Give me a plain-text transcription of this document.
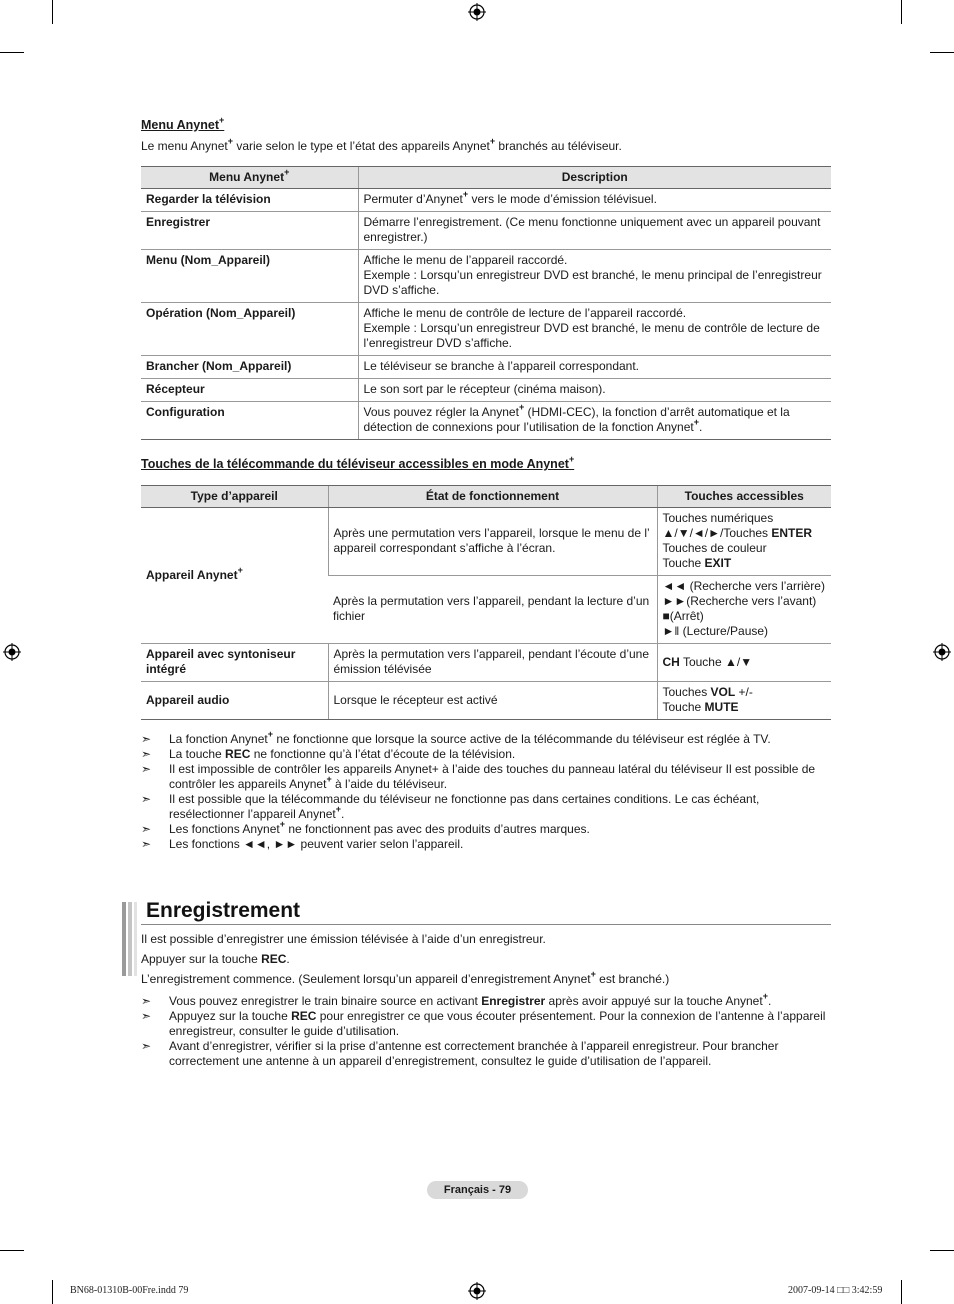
Menu Anynet+
Le menu Anynet+ varie selon le type et l’état des appareils Anynet+ branchés au téléviseur.
Menu Anynet+	Description
Regarder la télévision	Permuter d’Anynet+ vers le mode d’émission télévisuel.
Enregistrer	Démarre l’enregistrement. (Ce menu fonctionne uniquement avec un appareil pouvant enregistrer.)
Menu (Nom_Appareil)	Affiche le menu de l’appareil raccordé.
Exemple : Lorsqu’un enregistreur DVD est branché, le menu principal de l’enregistreur DVD s’affiche.

Opération (Nom_Appareil)	Affiche le menu de contrôle de lecture de l’appareil raccordé.
Exemple : Lorsqu’un enregistreur DVD est branché, le menu de contrôle de lecture de l’enregistreur DVD s’affiche.

Brancher (Nom_Appareil)	Le téléviseur se branche à l’appareil correspondant.
Récepteur	Le son sort par le récepteur (cinéma maison).
Configuration	Vous pouvez régler la Anynet+ (HDMI-CEC), la fonction d’arrêt automatique et la détection de connexions pour l’utilisation de la fonction Anynet+.
Touches de la télécommande du téléviseur accessibles en mode Anynet+
Type d’appareil	État de fonctionnement	Touches accessibles
Appareil Anynet+	Après une permutation vers l’appareil, lorsque le menu de l’ appareil correspondant s’affiche à l’écran.	Touches numériques
▲/▼/◄/►/Touches ENTER
Touches de couleur
Touche EXIT

	Après la permutation vers l’appareil, pendant la lecture d’un fichier	◄◄ (Recherche vers l’arrière)
►►(Recherche vers l’avant)
■(Arrêt)
►ǁ (Lecture/Pause)

Appareil avec syntoniseur intégré	Après la permutation vers l’appareil, pendant l’écoute d’une émission télévisée	CH Touche ▲/▼
Appareil audio	Lorsque le récepteur est activé	Touches VOL +/-
Touche MUTE
➣ La fonction Anynet+ ne fonctionne que lorsque la source active de la télécommande du téléviseur est réglée à TV.
➣ La touche REC ne fonctionne qu’à l’état d’écoute de la télévision.
➣ Il est impossible de contrôler les appareils Anynet+ à l’aide des touches du panneau latéral du téléviseur Il est possible de contrôler les appareils Anynet+ à l’aide du téléviseur.
➣ Il est possible que la télécommande du téléviseur ne fonctionne pas dans certaines conditions. Le cas échéant, resélectionner l’appareil Anynet+.
➣ Les fonctions Anynet+ ne fonctionnent pas avec des produits d’autres marques.
➣ Les fonctions ◄◄, ►► peuvent varier selon l’appareil.
Enregistrement
Il est possible d’enregistrer une émission télévisée à l’aide d’un enregistreur.
Appuyer sur la touche REC.
L’enregistrement commence. (Seulement lorsqu’un appareil d’enregistrement Anynet+ est branché.)
➣ Vous pouvez enregistrer le train binaire source en activant Enregistrer après avoir appuyé sur la touche Anynet+.
➣ Appuyez sur la touche REC pour enregistrer ce que vous écouter présentement. Pour la connexion de l’antenne à l’appareil enregistreur, consulter le guide d’utilisation.
➣ Avant d’enregistrer, vérifier si la prise d’antenne est correctement branchée à l’appareil enregistreur. Pour brancher correctement une antenne à un appareil d’enregistrement, consultez le guide d’utilisation de l’appareil.
Français - 79
BN68-01310B-00Fre.indd 79	2007-09-14 □□ 3:42:59
